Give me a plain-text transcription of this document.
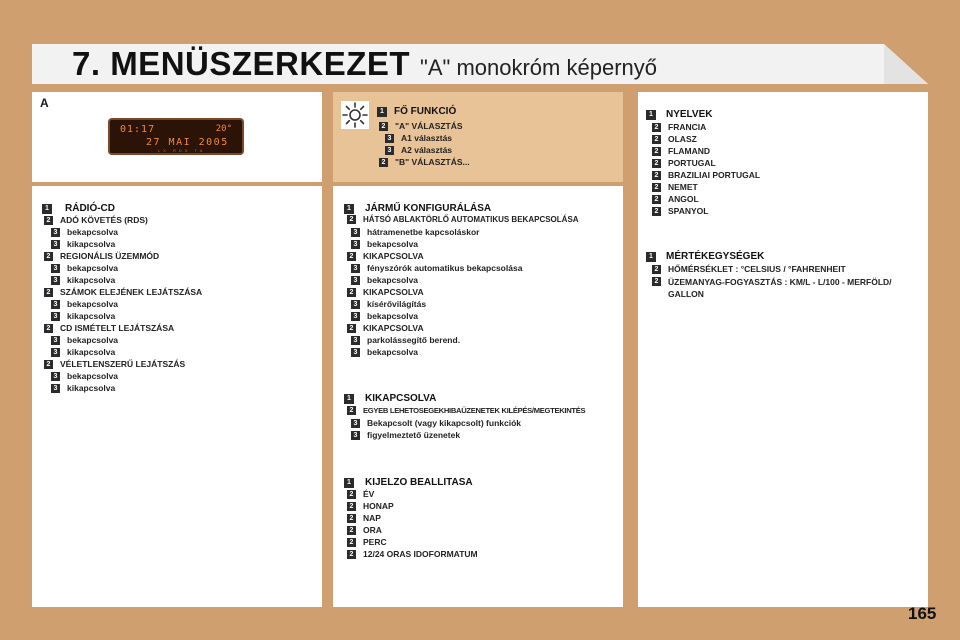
7. MENÜSZERKEZET "A" monokróm képernyő
A
01:17	20°
27 MAI 2005
LX RDS TA
1	FŐ FUNKCIÓ
2 "A" VÁLASZTÁS
3 A1 választás
3 A2 választás
2 "B" VÁLASZTÁS...
1	RÁDIÓ-CD
2 ADÓ KÖVETÉS (RDS)
3 bekapcsolva
3 kikapcsolva
2 REGIONÁLIS ÜZEMMÓD
3 bekapcsolva
3 kikapcsolva
2 SZÁMOK ELEJÉNEK LEJÁTSZÁSA
3 bekapcsolva
3 kikapcsolva
2 CD ISMÉTELT LEJÁTSZÁSA
3 bekapcsolva
3 kikapcsolva
2 VÉLETLENSZERŰ LEJÁTSZÁS
3 bekapcsolva
3 kikapcsolva
1	JÁRMŰ KONFIGURÁLÁSA
2	HÁTSÓ ABLAKTÖRLŐ AUTOMATIKUS BEKAPCSOLÁSA
3 hátramenetbe kapcsoláskor
3 bekapcsolva
2 KIKAPCSOLVA
3 fényszórók automatikus bekapcsolása
3 bekapcsolva
2 KIKAPCSOLVA
3 kísérővilágítás
3 bekapcsolva
2 KIKAPCSOLVA
3 parkolássegítő berend.
3 bekapcsolva
1	KIKAPCSOLVA
2	EGYEB LEHETOSEGEKHIBAÜZENETEK KILÉPÉS/MEGTEKINTÉS
3 Bekapcsolt (vagy kikapcsolt) funkciók
3 figyelmeztető üzenetek
1	KIJELZO BEALLITASA
2 ÉV
2 HONAP
2 NAP
2 ORA
2 PERC
2 12/24 ORAS IDOFORMATUM
1	NYELVEK
2 FRANCIA
2 OLASZ
2 FLAMAND
2 PORTUGAL
2 BRAZILIAI PORTUGAL
2 NEMET
2 ANGOL
2 SPANYOL
1	MÉRTÉKEGYSÉGEK
2 HŐMÉRSÉKLET : °CELSIUS / °FAHRENHEIT
2 ÜZEMANYAG-FOGYASZTÁS : KM/L - L/100 - MERFÖLD/ GALLON
165
